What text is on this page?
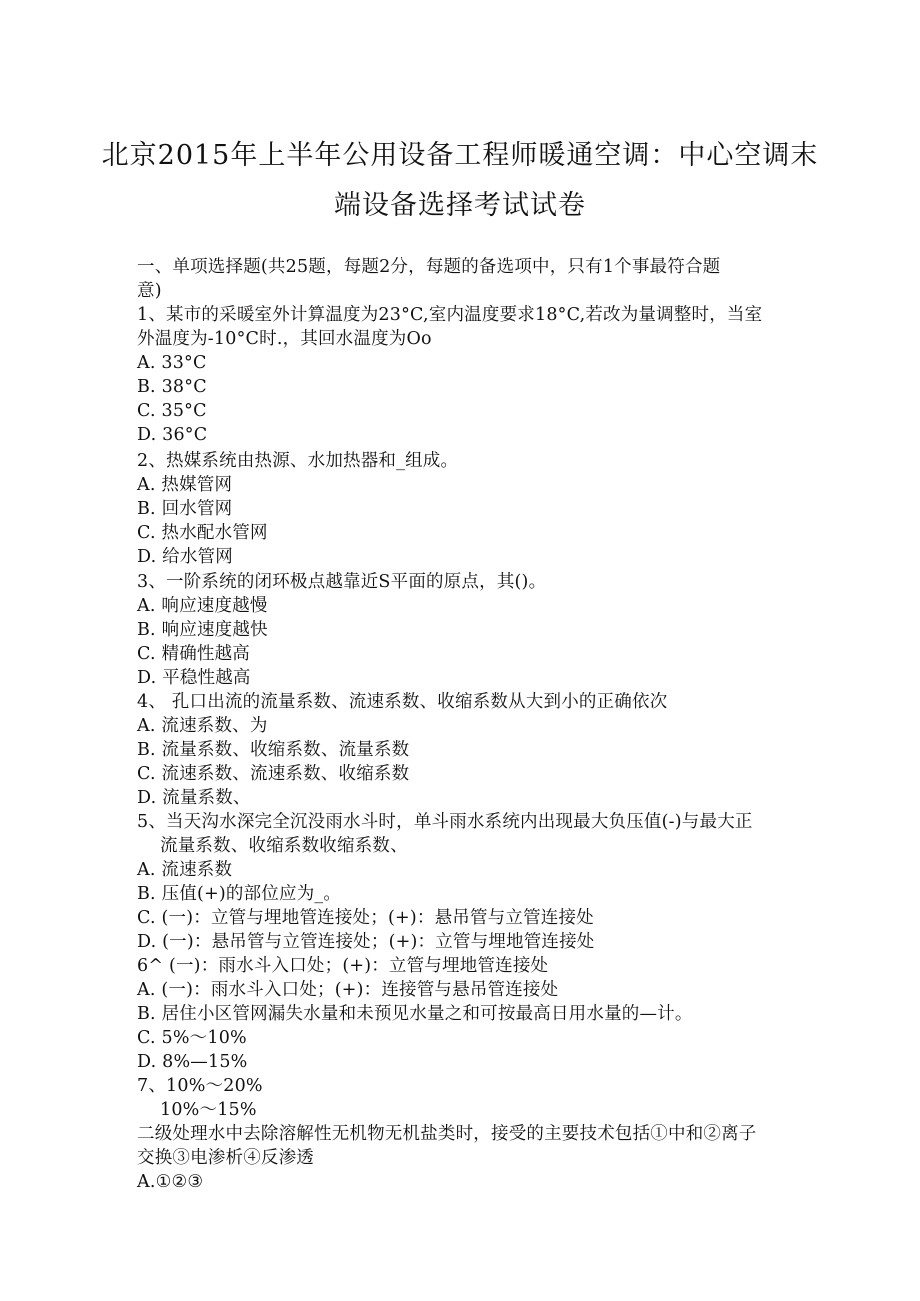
北京2015年上半年公用设备工程师暖通空调：中心空调末
端设备选择考试试卷
一、单项选择题(共25题，每题2分，每题的备选项中，只有1个事最符合题
意)
1、某市的采暖室外计算温度为23°C,室内温度要求18°C,若改为量调整时，当室
外温度为-10°C时.，其回水温度为Oo
A. 33°C
B. 38°C
C. 35°C
D. 36°C
2、热媒系统由热源、水加热器和_组成。
A. 热媒管网
B. 回水管网
C. 热水配水管网
D. 给水管网
3、一阶系统的闭环极点越靠近S平面的原点，其()。
A. 响应速度越慢
B. 响应速度越快
C. 精确性越高
D. 平稳性越高
4、 孔口出流的流量系数、流速系数、收缩系数从大到小的正确依次
A. 流速系数、为
B. 流量系数、收缩系数、流量系数
C. 流速系数、流速系数、收缩系数
D. 流量系数、
5、当天沟水深完全沉没雨水斗时，单斗雨水系统内出现最大负压值(-)与最大正
流量系数、收缩系数收缩系数、
A. 流速系数
B. 压值(+)的部位应为_。
C. (一)：立管与埋地管连接处；(+)：悬吊管与立管连接处
D. (一)：悬吊管与立管连接处；(+)：立管与埋地管连接处
6^ (一)：雨水斗入口处；(+)：立管与埋地管连接处
A. (一)：雨水斗入口处；(+)：连接管与悬吊管连接处
B. 居住小区管网漏失水量和未预见水量之和可按最高日用水量的—计。
C. 5%～10%
D. 8%—15%
7、10%～20%
10%～15%
二级处理水中去除溶解性无机物无机盐类时，接受的主要技术包括①中和②离子
交换③电渗析④反渗透
A.①②③
